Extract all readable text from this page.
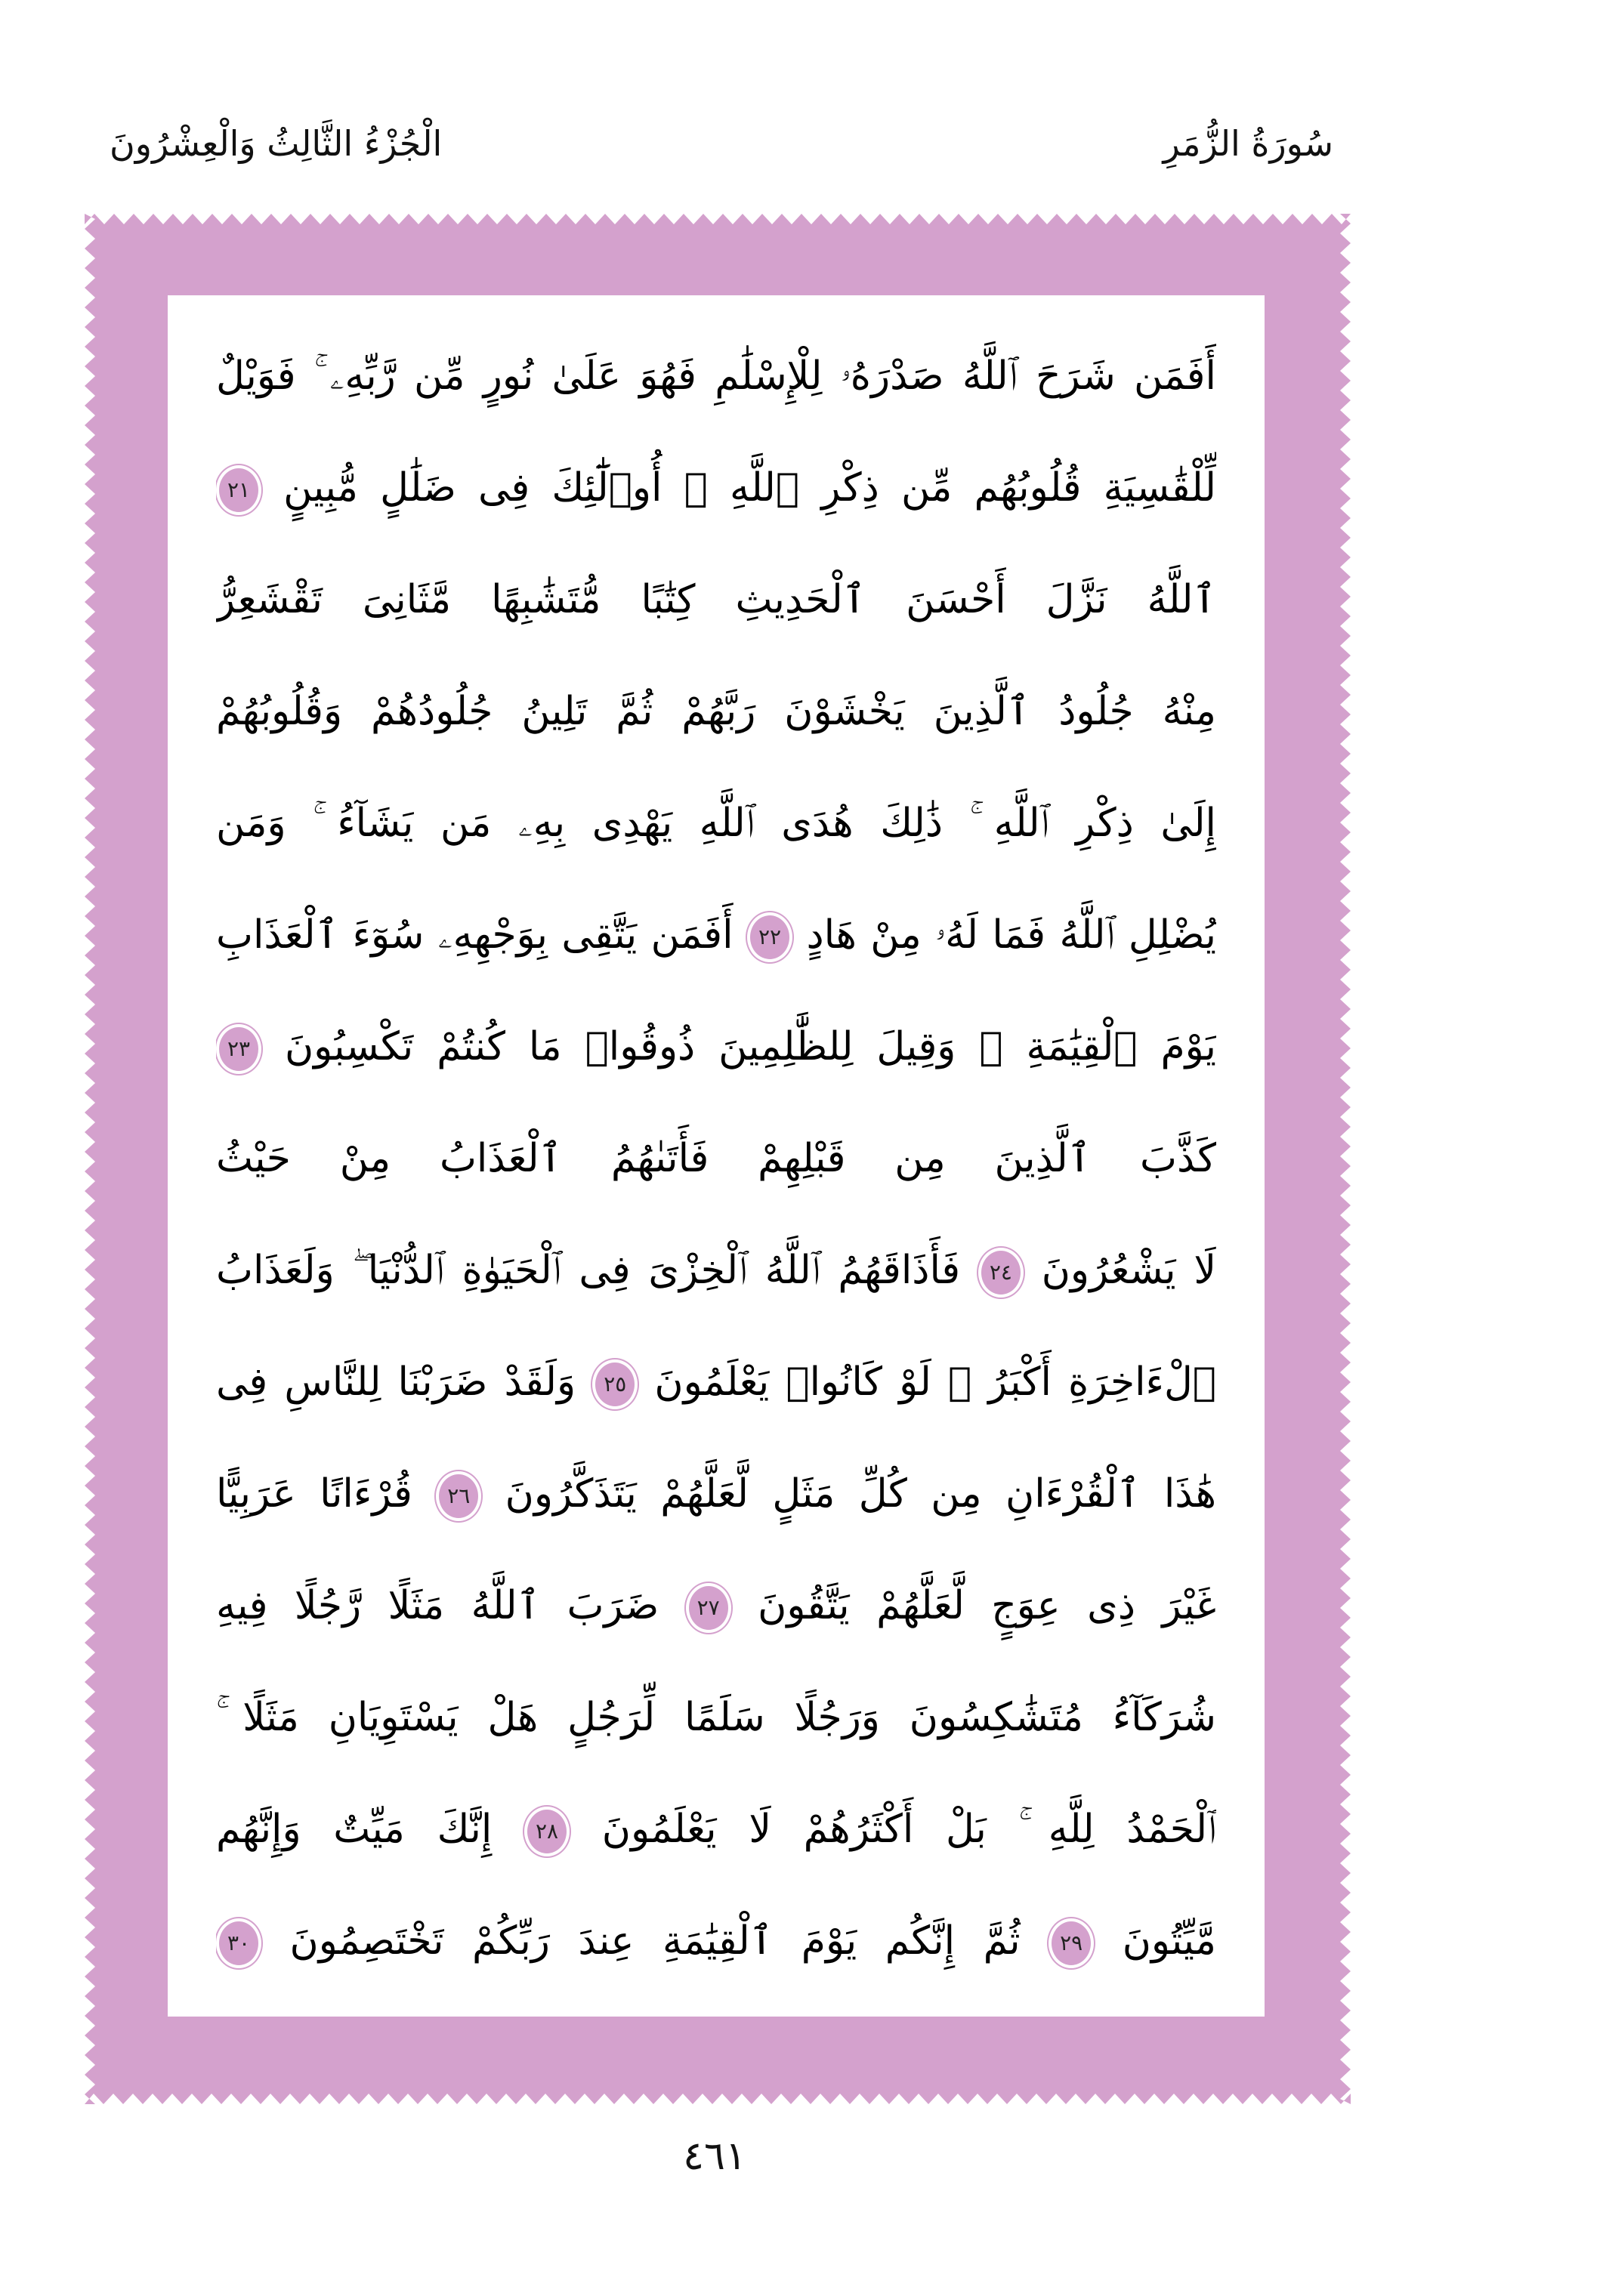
سُورَةُ الزُّمَرِ
الْجُزْءُ الثَّالِثُ وَالْعِشْرُونَ
أَفَمَن شَرَحَ ٱللَّهُ صَدْرَهُۥ لِلْإِسْلَٰمِ فَهُوَ عَلَىٰ نُورٍ مِّن رَّبِّهِۦ ۚ فَوَيْلٌ
لِّلْقَٰسِيَةِ قُلُوبُهُم مِّن ذِكْرِ ٱللَّهِ ۚ أُو۟لَٰٓئِكَ فِى ضَلَٰلٍ مُّبِينٍ ٢١
ٱللَّهُ نَزَّلَ أَحْسَنَ ٱلْحَدِيثِ كِتَٰبًا مُّتَشَٰبِهًا مَّثَانِىَ تَقْشَعِرُّ
مِنْهُ جُلُودُ ٱلَّذِينَ يَخْشَوْنَ رَبَّهُمْ ثُمَّ تَلِينُ جُلُودُهُمْ وَقُلُوبُهُمْ
إِلَىٰ ذِكْرِ ٱللَّهِ ۚ ذَٰلِكَ هُدَى ٱللَّهِ يَهْدِى بِهِۦ مَن يَشَآءُ ۚ وَمَن
يُضْلِلِ ٱللَّهُ فَمَا لَهُۥ مِنْ هَادٍ ٢٢ أَفَمَن يَتَّقِى بِوَجْهِهِۦ سُوٓءَ ٱلْعَذَابِ
يَوْمَ ٱلْقِيَٰمَةِ ۚ وَقِيلَ لِلظَّٰلِمِينَ ذُوقُوا۟ مَا كُنتُمْ تَكْسِبُونَ ٢٣
كَذَّبَ ٱلَّذِينَ مِن قَبْلِهِمْ فَأَتَىٰهُمُ ٱلْعَذَابُ مِنْ حَيْثُ
لَا يَشْعُرُونَ ٢٤ فَأَذَاقَهُمُ ٱللَّهُ ٱلْخِزْىَ فِى ٱلْحَيَوٰةِ ٱلدُّنْيَا ۖ وَلَعَذَابُ
ٱلْءَاخِرَةِ أَكْبَرُ ۚ لَوْ كَانُوا۟ يَعْلَمُونَ ٢٥ وَلَقَدْ ضَرَبْنَا لِلنَّاسِ فِى
هَٰذَا ٱلْقُرْءَانِ مِن كُلِّ مَثَلٍ لَّعَلَّهُمْ يَتَذَكَّرُونَ ٢٦ قُرْءَانًا عَرَبِيًّا
غَيْرَ ذِى عِوَجٍ لَّعَلَّهُمْ يَتَّقُونَ ٢٧ ضَرَبَ ٱللَّهُ مَثَلًا رَّجُلًا فِيهِ
شُرَكَآءُ مُتَشَٰكِسُونَ وَرَجُلًا سَلَمًا لِّرَجُلٍ هَلْ يَسْتَوِيَانِ مَثَلًا ۚ
ٱلْحَمْدُ لِلَّهِ ۚ بَلْ أَكْثَرُهُمْ لَا يَعْلَمُونَ ٢٨ إِنَّكَ مَيِّتٌ وَإِنَّهُم
مَّيِّتُونَ ٢٩ ثُمَّ إِنَّكُم يَوْمَ ٱلْقِيَٰمَةِ عِندَ رَبِّكُمْ تَخْتَصِمُونَ ٣٠
٤٦١
